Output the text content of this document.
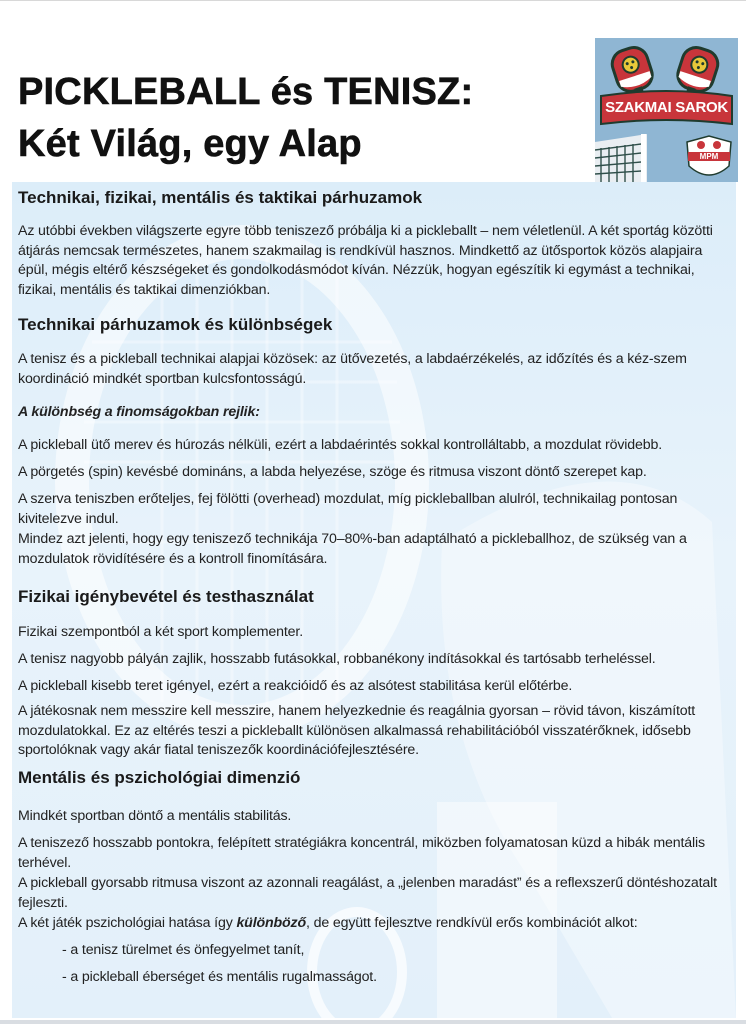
PICKLEBALL és TENISZ:
Két Világ, egy Alap
SZAKMAI SAROK
MPM
Technikai, fizikai, mentális és taktikai párhuzamok

Az utóbbi években világszerte egyre több teniszező próbálja ki a pickleballt – nem véletlenül. A két sportág közötti átjárás nemcsak természetes, hanem szakmailag is rendkívül hasznos. Mindkettő az ütősportok közös alapjaira épül, mégis eltérő készségeket és gondolkodásmódot kíván. Nézzük, hogyan egészítik ki egymást a technikai, fizikai, mentális és taktikai dimenziókban.

Technikai párhuzamok és különbségek

A tenisz és a pickleball technikai alapjai közösek: az ütővezetés, a labdaérzékelés, az időzítés és a kéz-szem koordináció mindkét sportban kulcsfontosságú.

A különbség a finomságokban rejlik:

A pickleball ütő merev és húrozás nélküli, ezért a labdaérintés sokkal kontrolláltabb, a mozdulat rövidebb.

A pörgetés (spin) kevésbé domináns, a labda helyezése, szöge és ritmusa viszont döntő szerepet kap.

A szerva teniszben erőteljes, fej fölötti (overhead) mozdulat, míg pickleballban alulról, technikailag pontosan kivitelezve indul.

Mindez azt jelenti, hogy egy teniszező technikája 70–80%-ban adaptálható a pickleballhoz, de szükség van a mozdulatok rövidítésére és a kontroll finomítására.

Fizikai igénybevétel és testhasználat

Fizikai szempontból a két sport komplementer.

A tenisz nagyobb pályán zajlik, hosszabb futásokkal, robbanékony indításokkal és tartósabb terheléssel.

A pickleball kisebb teret igényel, ezért a reakcióidő és az alsótest stabilitása kerül előtérbe.

A játékosnak nem messzire kell messzire, hanem helyezkednie és reagálnia gyorsan – rövid távon, kiszámított mozdulatokkal. Ez az eltérés teszi a pickleballt különösen alkalmassá rehabilitációból visszatérőknek, idősebb sportolóknak vagy akár fiatal teniszezők koordinációfejlesztésére.

Mentális és pszichológiai dimenzió

Mindkét sportban döntő a mentális stabilitás.

A teniszező hosszabb pontokra, felépített stratégiákra koncentrál, miközben folyamatosan küzd a hibák mentális terhével.

A pickleball gyorsabb ritmusa viszont az azonnali reagálást, a „jelenben maradást” és a reflexszerű döntéshozatalt fejleszti.

A két játék pszichológiai hatása így különböző, de együtt fejlesztve rendkívül erős kombinációt alkot:

- a tenisz türelmet és önfegyelmet tanít,

- a pickleball éberséget és mentális rugalmasságot.
